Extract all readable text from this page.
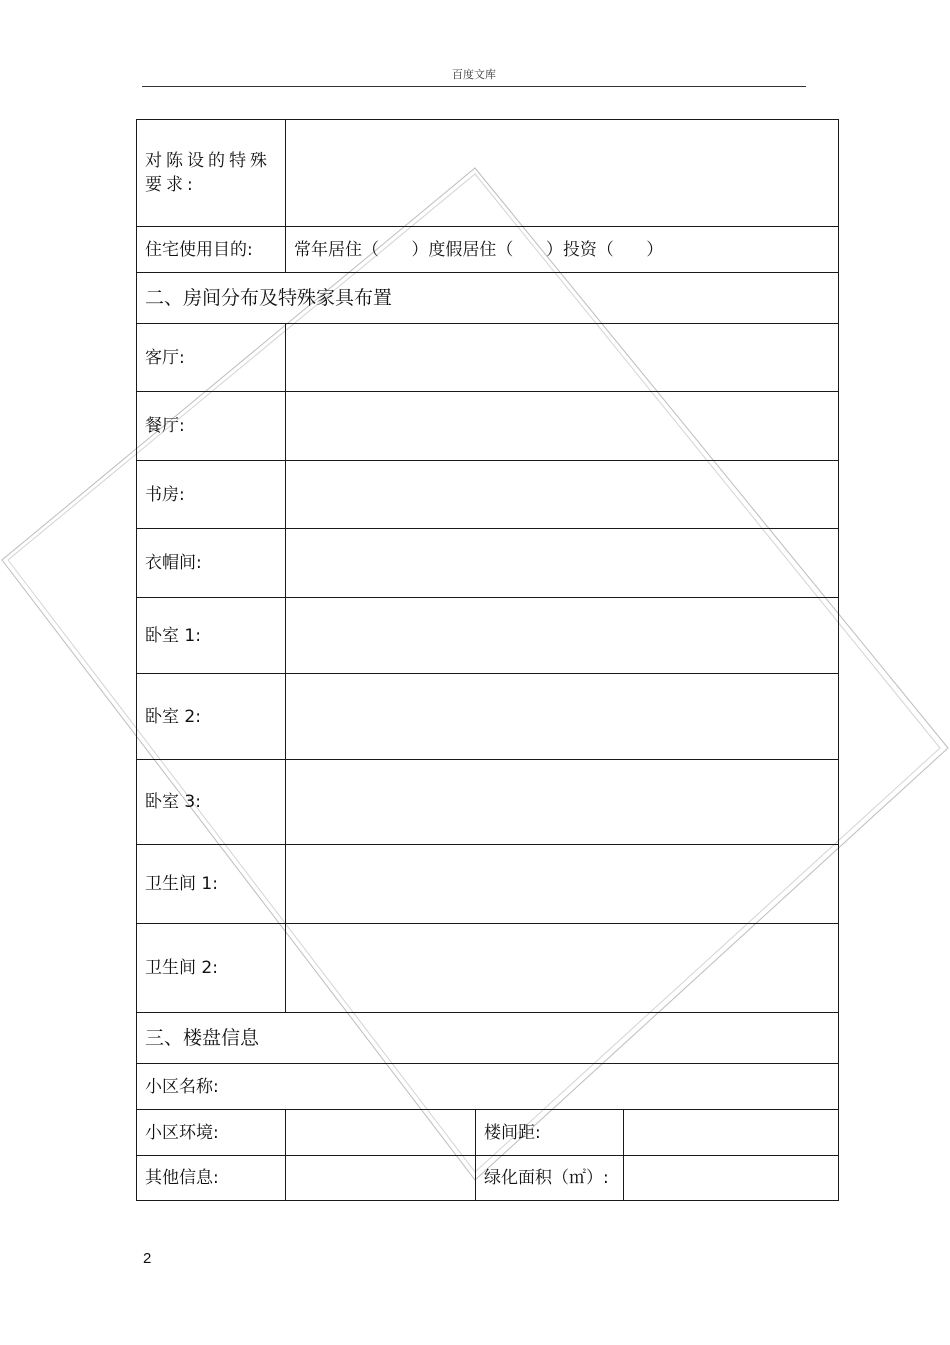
百度文库
对陈设的特殊
要求:			

住宅使用目的:	常年居住（      ）度假居住（      ）投资（      ）		
二、房间分布及特殊家具布置			
客厅:			
餐厅:			
书房:			
衣帽间:			
卧室 1:			
卧室 2:			
卧室 3:			
卫生间 1:			
卫生间 2:			
三、楼盘信息			
小区名称:			
小区环境:		楼间距:	
其他信息:		绿化面积（㎡）:	
2
